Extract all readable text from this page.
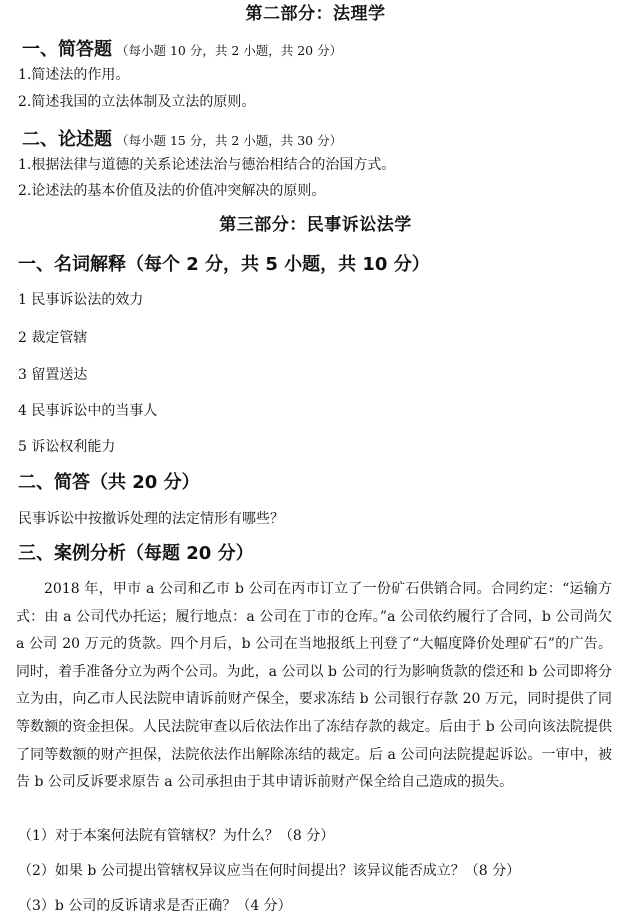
第二部分：法理学
一、简答题 （每小题 10 分，共 2 小题，共 20 分）
1.简述法的作用。
2.简述我国的立法体制及立法的原则。
二、论述题 （每小题 15 分，共 2 小题，共 30 分）
1.根据法律与道德的关系论述法治与德治相结合的治国方式。
2.论述法的基本价值及法的价值冲突解决的原则。
第三部分：民事诉讼法学
一、名词解释（每个 2 分，共 5 小题，共 10 分）
1 民事诉讼法的效力
2 裁定管辖
3 留置送达
4 民事诉讼中的当事人
5 诉讼权利能力
二、简答（共 20 分）
民事诉讼中按撤诉处理的法定情形有哪些？
三、案例分析（每题 20 分）
2018 年，甲市 a 公司和乙市 b 公司在丙市订立了一份矿石供销合同。合同约定：“运输方式：由 a 公司代办托运；履行地点：a 公司在丁市的仓库。”a 公司依约履行了合同，b 公司尚欠 a 公司 20 万元的货款。四个月后，b 公司在当地报纸上刊登了“大幅度降价处理矿石”的广告。同时，着手准备分立为两个公司。为此，a 公司以 b 公司的行为影响货款的偿还和 b 公司即将分立为由，向乙市人民法院申请诉前财产保全，要求冻结 b 公司银行存款 20 万元，同时提供了同等数额的资金担保。人民法院审查以后依法作出了冻结存款的裁定。后由于 b 公司向该法院提供了同等数额的财产担保，法院依法作出解除冻结的裁定。后 a 公司向法院提起诉讼。一审中，被告 b 公司反诉要求原告 a 公司承担由于其申请诉前财产保全给自己造成的损失。
（1）对于本案何法院有管辖权？为什么？（8 分）
（2）如果 b 公司提出管辖权异议应当在何时间提出？该异议能否成立？（8 分）
（3）b 公司的反诉请求是否正确？（4 分）
